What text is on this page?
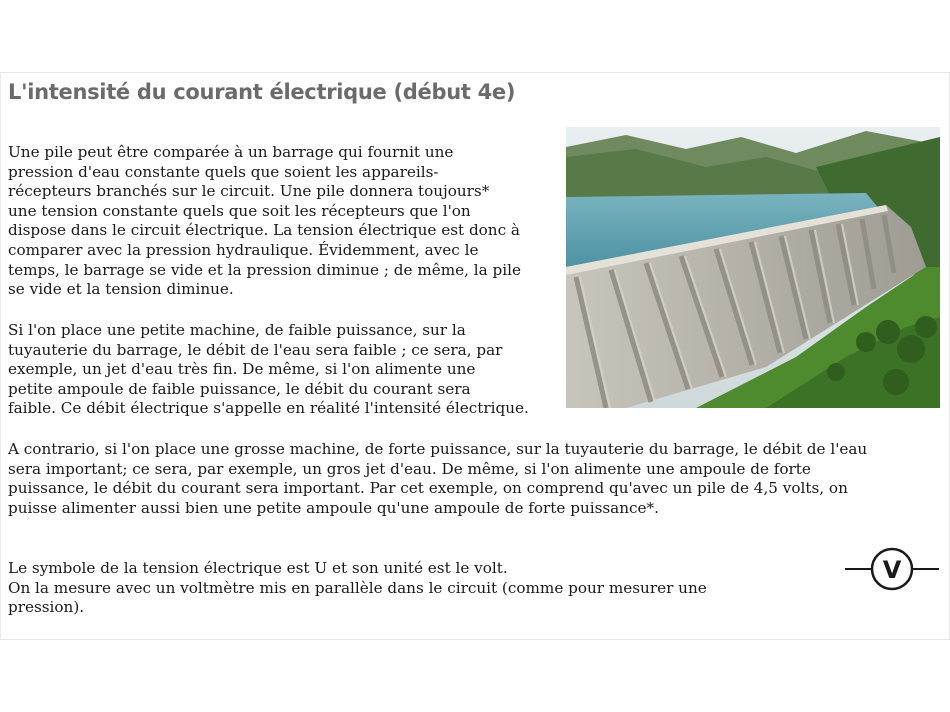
L'intensité du courant électrique (début 4e)

Une pile peut être comparée à un barrage qui fournit une
pression d'eau constante quels que soient les appareils-
récepteurs branchés sur le circuit. Une pile donnera toujours*
une tension constante quels que soit les récepteurs que l'on
dispose dans le circuit électrique. La tension électrique est donc à
comparer avec la pression hydraulique. Évidemment, avec le
temps, le barrage se vide et la pression diminue ; de même, la pile
se vide et la tension diminue.

Si l'on place une petite machine, de faible puissance, sur la
tuyauterie du barrage, le débit de l'eau sera faible ; ce sera, par
exemple, un jet d'eau très fin. De même, si l'on alimente une
petite ampoule de faible puissance, le débit du courant sera
faible. Ce débit électrique s'appelle en réalité l'intensité électrique.

A contrario, si l'on place une grosse machine, de forte puissance, sur la tuyauterie du barrage, le débit de l'eau
sera important; ce sera, par exemple, un gros jet d'eau. De même, si l'on alimente une ampoule de forte
puissance, le débit du courant sera important. Par cet exemple, on comprend qu'avec un pile de 4,5 volts, on
puisse alimenter aussi bien une petite ampoule qu'une ampoule de forte puissance*.

Le symbole de la tension électrique est U et son unité est le volt.
On la mesure avec un voltmètre mis en parallèle dans le circuit (comme pour mesurer une
pression).

V
